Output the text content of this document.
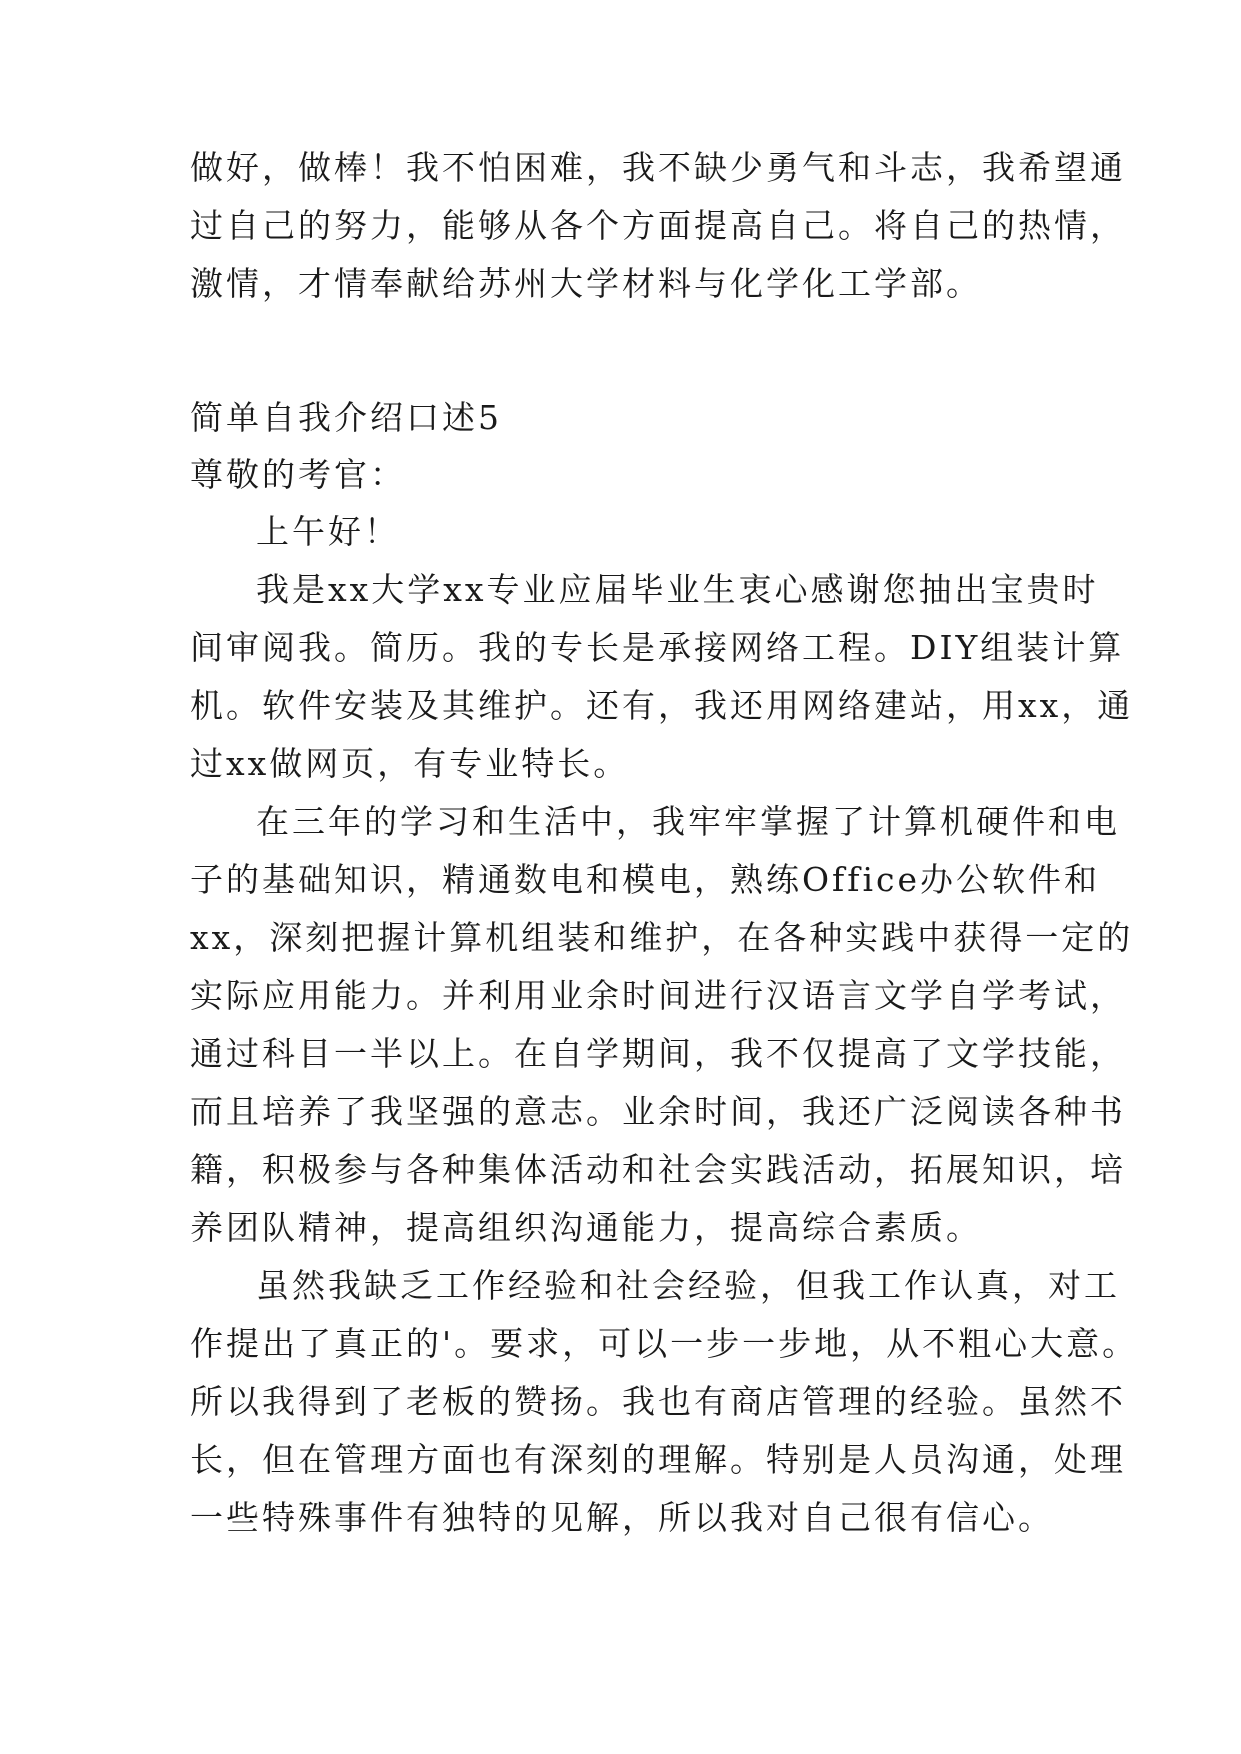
做好，做棒！我不怕困难，我不缺少勇气和斗志，我希望通
过自己的努力，能够从各个方面提高自己。将自己的热情，
激情，才情奉献给苏州大学材料与化学化工学部。
简单自我介绍口述5
尊敬的考官：
上午好！
我是xx大学xx专业应届毕业生衷心感谢您抽出宝贵时
间审阅我。简历。我的专长是承接网络工程。DIY组装计算
机。软件安装及其维护。还有，我还用网络建站，用xx，通
过xx做网页，有专业特长。
在三年的学习和生活中，我牢牢掌握了计算机硬件和电
子的基础知识，精通数电和模电，熟练Office办公软件和
xx，深刻把握计算机组装和维护，在各种实践中获得一定的
实际应用能力。并利用业余时间进行汉语言文学自学考试，
通过科目一半以上。在自学期间，我不仅提高了文学技能，
而且培养了我坚强的意志。业余时间，我还广泛阅读各种书
籍，积极参与各种集体活动和社会实践活动，拓展知识，培
养团队精神，提高组织沟通能力，提高综合素质。
虽然我缺乏工作经验和社会经验，但我工作认真，对工
作提出了真正的'。要求，可以一步一步地，从不粗心大意。
所以我得到了老板的赞扬。我也有商店管理的经验。虽然不
长，但在管理方面也有深刻的理解。特别是人员沟通，处理
一些特殊事件有独特的见解，所以我对自己很有信心。
